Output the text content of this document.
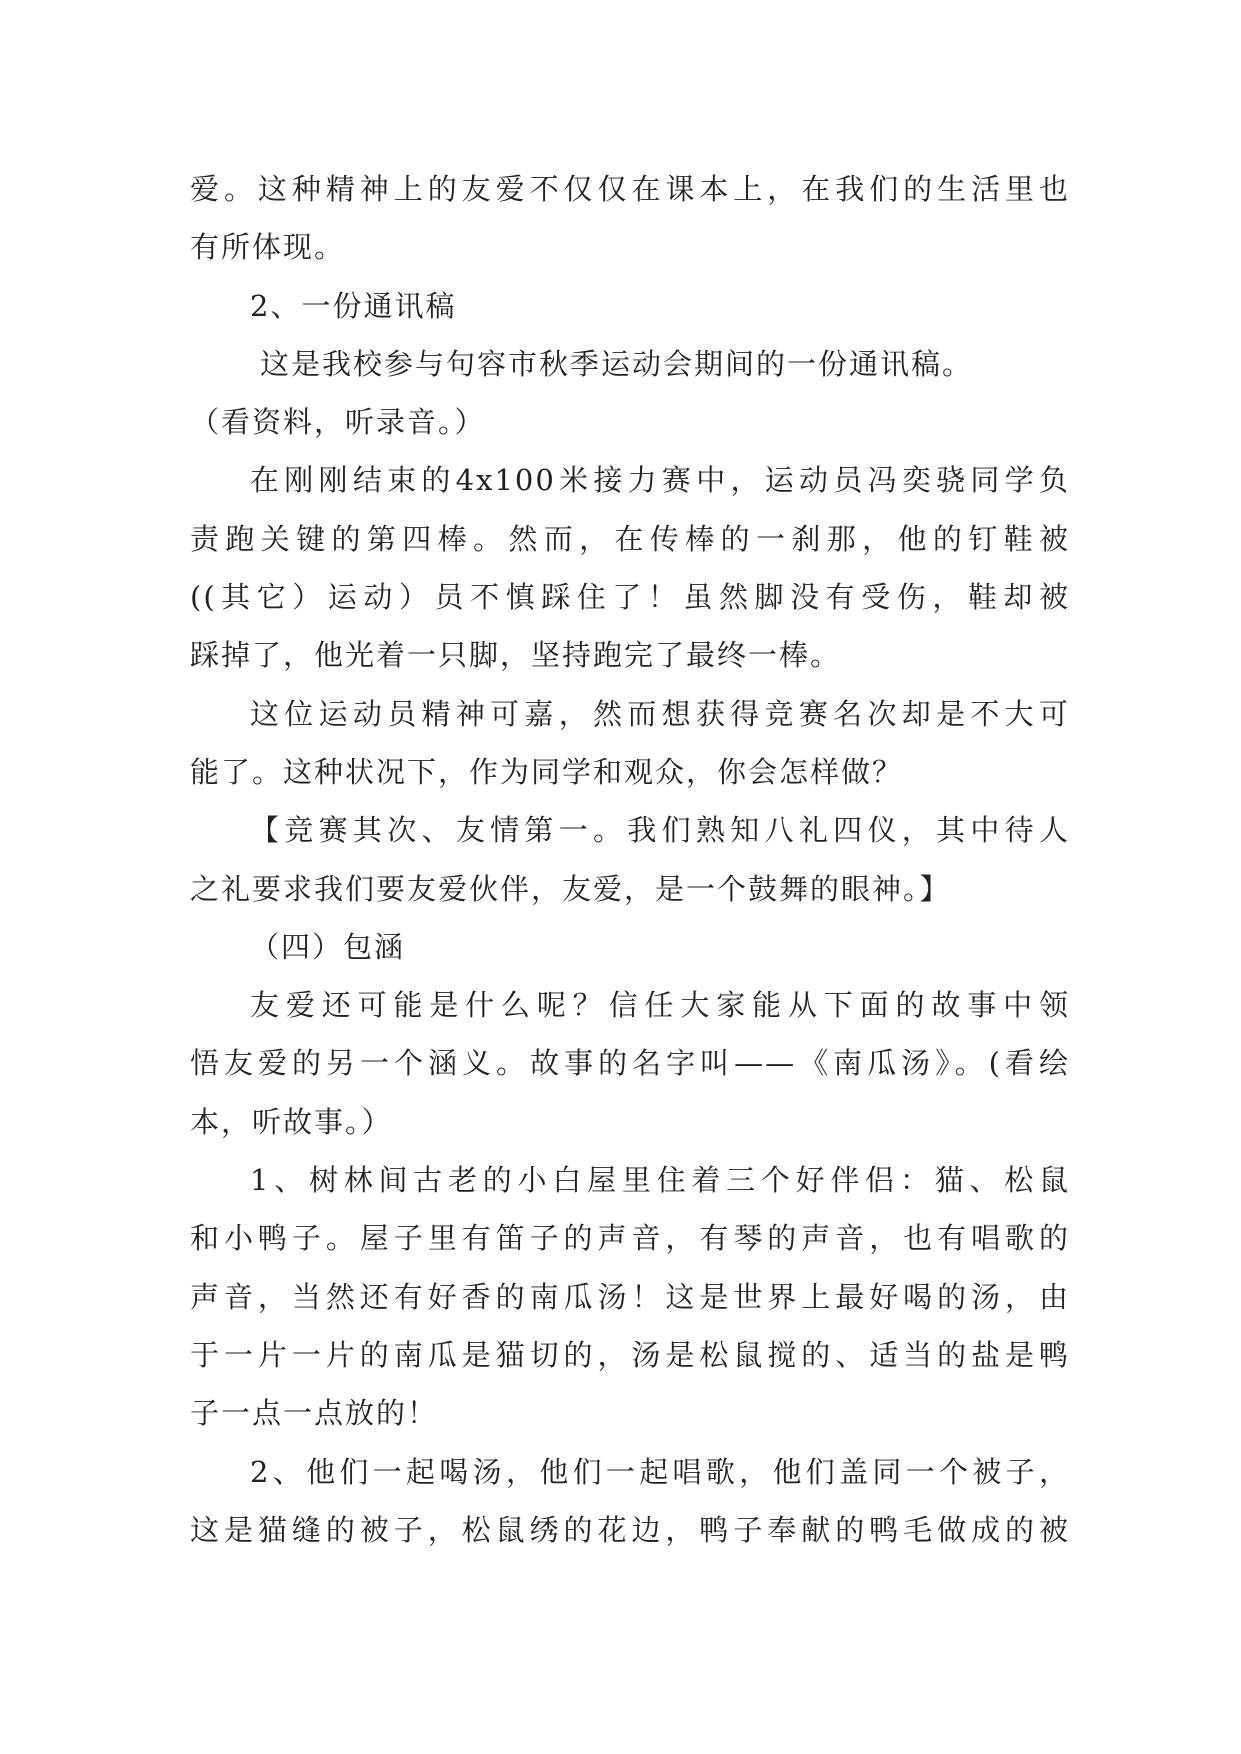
爱。这种精神上的友爱不仅仅在课本上，在我们的生活里也
有所体现。
2、一份通讯稿
这是我校参与句容市秋季运动会期间的一份通讯稿。
（看资料，听录音。）
在刚刚结束的4x100米接力赛中，运动员冯奕骁同学负
责跑关键的第四棒。然而，在传棒的一刹那，他的钉鞋被
((其它）运动）员不慎踩住了！虽然脚没有受伤，鞋却被
踩掉了，他光着一只脚，坚持跑完了最终一棒。
这位运动员精神可嘉，然而想获得竞赛名次却是不大可
能了。这种状况下，作为同学和观众，你会怎样做？
【竞赛其次、友情第一。我们熟知八礼四仪，其中待人
之礼要求我们要友爱伙伴，友爱，是一个鼓舞的眼神。】
（四）包涵
友爱还可能是什么呢？信任大家能从下面的故事中领
悟友爱的另一个涵义。故事的名字叫——《南瓜汤》。(看绘
本，听故事。）
1、树林间古老的小白屋里住着三个好伴侣：猫、松鼠
和小鸭子。屋子里有笛子的声音，有琴的声音，也有唱歌的
声音，当然还有好香的南瓜汤！这是世界上最好喝的汤，由
于一片一片的南瓜是猫切的，汤是松鼠搅的、适当的盐是鸭
子一点一点放的！
2、他们一起喝汤，他们一起唱歌，他们盖同一个被子，
这是猫缝的被子，松鼠绣的花边，鸭子奉献的鸭毛做成的被
